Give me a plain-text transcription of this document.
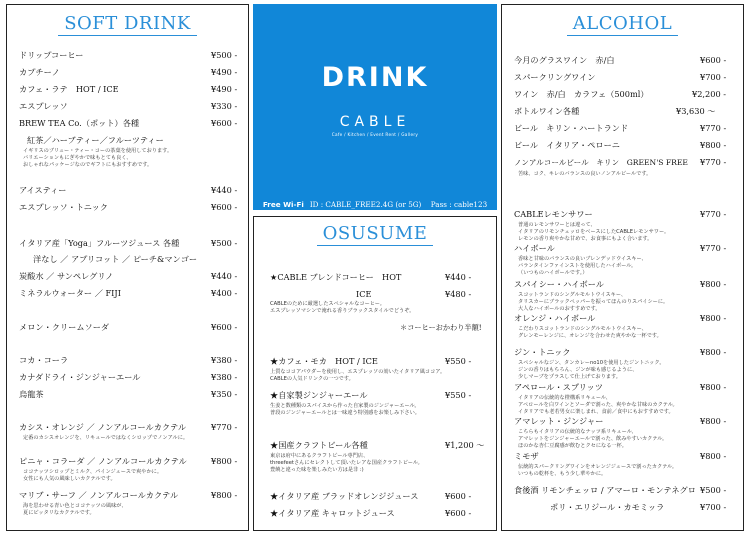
SOFT DRINK
ドリップコーヒー	¥500 -
カプチーノ	¥490 -
カフェ・ラテ　HOT / ICE	¥490 -
エスプレッソ	¥330 -
BREW TEA Co.（ポット）各種	¥600 -
紅茶／ハーブティー／フルーツティー
イギリスのブリュー・ティー・コーの茶葉を使用しております。
バリエーションもにぎやかで味もとても良く、
おしゃれなパッケージなのでギフトにもおすすめです。
アイスティー	¥440 -
エスプレッソ・トニック	¥600 -
イタリア産「Yoga」フルーツジュース 各種	¥500 -
洋なし ／ アプリコット ／ ピーチ&マンゴー
炭酸水 ／ サンペレグリノ	¥440 -
ミネラルウォーター ／ FIJI	¥400 -
メロン・クリームソーダ	¥600 -
コカ・コーラ	¥380 -
カナダドライ・ジンジャーエール	¥380 -
烏龍茶	¥350 -
カシス・オレンジ ／ ノンアルコールカクテル	¥770 -
定番のカシスオレンジを、リキュールではなくシロップでノンアルに。
ピニャ・コラーダ ／ ノンアルコールカクテル	¥800 -
ココナッツシロップとミルク、パインジュースで爽やかに。
女性にも人気の風味しいカクテルです。
マリブ・サーフ ／ ノンアルコールカクテル	¥800 -
海を思わせる青い色とココナッツの風味が、
夏にピッタリなカクテルです。
DRINK
CABLE
Cafe / Kitchen / Event Rent / Gallery
Free Wi-Fi ID : CABLE_FREE2.4G (or 5G)　 Pass : cable123
OSUSUME
★CABLE ブレンドコーヒー　HOT	¥440 -
ICE	¥480 -
CABLEのために厳選したスペシャルなコーヒー。
エスプレッソマシンで淹れる香りブラックスタイルでどうぞ。
＊コーヒーおかわり半額!
★カフェ・モカ　HOT / ICE	¥550 -
上質なココアパウダーを使用し、エスプレッソの効いたイタリア風ココア。
CABLEの人気ドリンクの一つです。
★自家製ジンジャーエール	¥550 -
生姜と数種類のスパイスから作った自家製のジンジャーエール。
普段のジンジャーエールとは一味違う特別感をお楽しみ下さい。
★国産クラフトビール各種	¥1,200 ～
東京は府中にあるクラフトビール専門店、
threefeetさんにセレクトして頂いたレアな国産クラフトビール。
豊饒と違った味を楽しみたい方は是非 :)
★イタリア産 ブラッドオレンジジュース	¥600 -
★イタリア産 キャロットジュース	¥600 -
ALCOHOL
今月のグラスワイン　赤/白	¥600 -
スパークリングワイン	¥700 -
ワイン　赤/白　カラフェ（500ml）	¥2,200 -
ボトルワイン各種	¥3,630 ～
ビール　キリン・ハートランド	¥770 -
ビール　イタリア・ペローニ	¥800 -
ノンアルコールビール　キリン　GREEN'S FREE ¥770 -
苦味、コク、キレのバランスの良いノンアルビールです。
CABLEレモンサワー	¥770 -
普通のレモンサワーとは違って、
イタリアのリモンチェッロをベースにしたCABLEレモンサワー。
レモンの香り爽やかな甘めで、お食事にもよく合います。
ハイボール	¥770 -
香味と甘味のバランスの良いブレンデッドウイスキー、
バランタインファインストを使用したハイボール。
（いつものハイボールです。）
スパイシー・ハイボール	¥800 -
スコットランドのシングルモルトウイスキー、
タリスカーにブラックペッパーを振ってほんのりスパイシーに。
大人なハイボールのおすすめです。
オレンジ・ハイボール	¥800 -
こだわりスコットランドのシングルモルトウイスキー、
グレンモーレンジに、オレンジを合わせた爽やかな一杯です。
ジン・トニック	¥800 -
スペシャルなジン、タンカレーno10を使用したジントニック。
ジンの香りはもちろん、ジンが味も感じるように、
少しマーブをプラスして仕上げております。
アペロール・スプリッツ	¥800 -
イタリアの伝統的な橙構系リキュール、
アペロールを白ワインとソーダで割った、爽やかな甘味のカクテル。
イタリアでも老若男女に楽しまれ、食前／食中にもおすすめです。
アマレット・ジンジャー	¥800 -
こちらもイタリアの伝統的なナッツ系リキュール、
アマレットをジンジャーエールで割った、飲みやすいカクテル。
ほのかな杏仁豆腐感が飲むとクセになる一杯。
ミモザ	¥800 -
伝統的スパークリングワインをオレンジジュースで割ったカクテル。
いつもの乾杯を、もう少し華やかに。
食後酒 リモンチェッロ / アマーロ・モンテネグロ ¥500 -
ポリ・エリジール・カモミッラ	¥700 -
